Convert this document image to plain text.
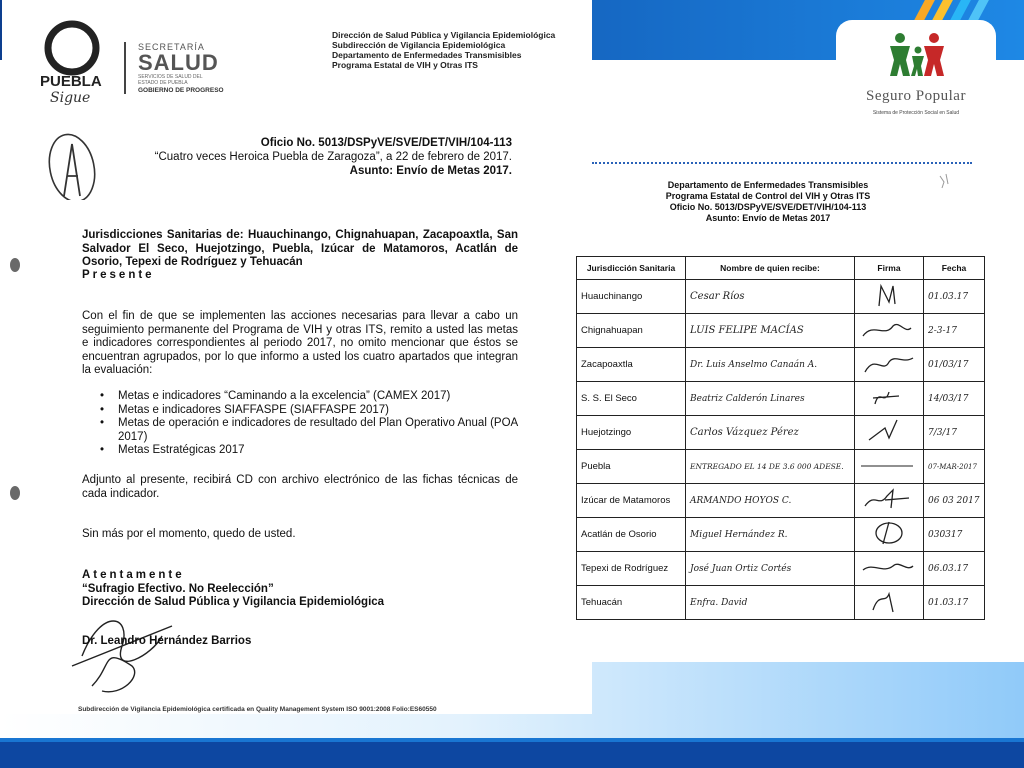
Seguro Popular
Sistema de Protección Social en Salud
PUEBLA
Sigue
SECRETARÍA
SALUD
SERVICIOS DE SALUD DEL
ESTADO DE PUEBLA
GOBIERNO DE PROGRESO
Dirección de Salud Pública y Vigilancia Epidemiológica
Subdirección de Vigilancia Epidemiológica
Departamento de Enfermedades Transmisibles
Programa Estatal de VIH y Otras ITS
Oficio No. 5013/DSPyVE/SVE/DET/VIH/104-113
“Cuatro veces Heroica Puebla de Zaragoza”, a 22 de febrero de 2017.
Asunto: Envío de Metas 2017.
Jurisdicciones Sanitarias de: Huauchinango, Chignahuapan, Zacapoaxtla, San Salvador El Seco, Huejotzingo, Puebla, Izúcar de Matamoros, Acatlán de Osorio, Tepexi de Rodríguez y Tehuacán
Presente
Con el fin de que se implementen las acciones necesarias para llevar a cabo un seguimiento permanente del Programa de VIH y otras ITS, remito a usted las metas e indicadores correspondientes al periodo 2017, no omito mencionar que éstos se encuentran agrupados, por lo que informo a usted los cuatro apartados que integran la evaluación:
• Metas e indicadores “Caminando a la excelencia” (CAMEX 2017)
• Metas e indicadores SIAFFASPE (SIAFFASPE 2017)
• Metas de operación e indicadores de resultado del Plan Operativo Anual (POA 2017)
• Metas Estratégicas 2017
Adjunto al presente, recibirá CD con archivo electrónico de las fichas técnicas de cada indicador.
Sin más por el momento, quedo de usted.
Atentamente
“Sufragio Efectivo. No Reelección”
Dirección de Salud Pública y Vigilancia Epidemiológica
Dr. Leandro Hernández Barrios
Subdirección de Vigilancia Epidemiológica certificada en Quality Management System ISO 9001:2008 Folio:ES60550
Departamento de Enfermedades Transmisibles
Programa Estatal de Control del VIH y Otras ITS
Oficio No. 5013/DSPyVE/SVE/DET/VIH/104-113
Asunto: Envío de Metas 2017
Jurisdicción Sanitaria	Nombre de quien recibe:	Firma	Fecha
Huauchinango	Cesar Ríos		01.03.17
Chignahuapan	LUIS FELIPE MACÍAS		2-3-17
Zacapoaxtla	Dr. Luis Anselmo Canaán A.		01/03/17
S. S. El Seco	Beatriz Calderón Linares		14/03/17
Huejotzingo	Carlos Vázquez Pérez		7/3/17
Puebla	ENTREGADO EL 14 DE 3.6 000 ADESE.		07-MAR-2017
Izúcar de Matamoros	ARMANDO HOYOS C.		06 03 2017
Acatlán de Osorio	Miguel Hernández R.		030317
Tepexi de Rodríguez	José Juan Ortiz Cortés		06.03.17
Tehuacán	Enfra. David		01.03.17
